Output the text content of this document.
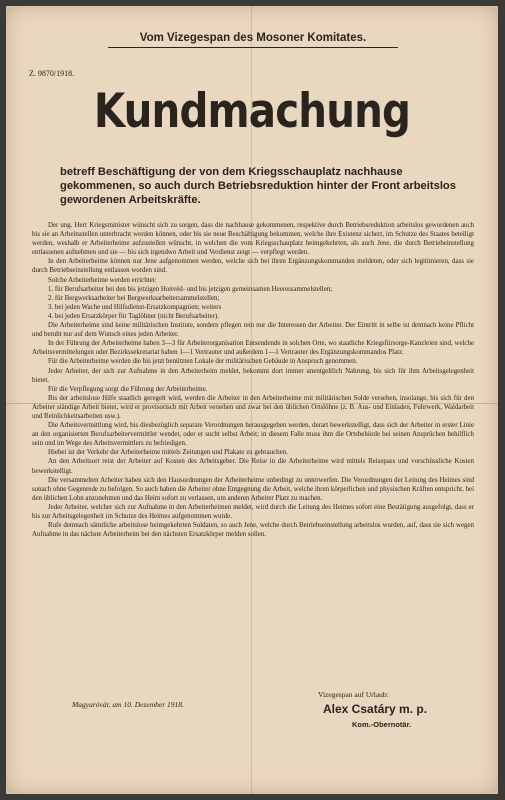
Vom Vizegespan des Mosoner Komitates.
Z. 9870/1918.
Kundmachung
betreff Beschäftigung der von dem Kriegsschauplatz nachhause gekommenen, so auch durch Betriebsreduktion hinter der Front arbeitslos gewordenen Arbeitskräfte.

Der ung. Herr Kriegsminister wünscht sich zu sorgen, dass die nachhause gekommenen, respektive durch Betriebsreduktion arbeitslos gewordenen auch bis sie an Arbeitsstellen unterbracht werden können, oder bis sie neue Beschäftigung bekommen, welche ihre Existenz sichert, im Schutze des Staates beteiligt werden, weshalb er Arbeiterheime aufzustellen wünscht, in welchen die vom Kriegsschauplatz heimgekehrten, als auch Jene, die durch Betriebeinstellung entlassenen aufnehmen und sie — bis sich irgendwo Arbeit und Verdienst zeigt — verpflegt werden.

In den Arbeiterheime können nur Jene aufgenommen werden, welche sich bei ihren Ergänzungskommanden meldeten, oder sich legitimieren, dass sie durch Betriebseinstellung entlassen worden sind.

Solche Arbeiterheime werden errichtet:

1. für Berufsarbeiter bei den bis jetzigen Honvéd- und bis jetzigen gemeinsamen Heeressammelstellen;

2. für Bergwerksarbeiter bei Bergwerksarbeitersammelstellen;

3. bei jeden Wache und Hilfsdienst-Ersatzkompagnien; weiters

4. bei jeden Ersatzkörper für Taglöhner (nicht Berufsarbeiter).

Die Arbeiterheime sind keine militärischen Institute, sondern pflegen rein nur die Interessen der Arbeiter. Der Eintritt in selbe ist demnach keine Pflicht und beruht nur auf dem Wunsch eines jeden Arbeiter.

In der Führung der Arbeiterheime haben 3—3 für Arbeiterorganisation Entsendende in solchen Orte, wo staatliche Kriegsfürsorge-Kanzleien sind, welche Arbeitsvermittelungen oder Bezirkssekretariat haben 1—1 Vertrauter und außerdem 1—1 Vertrauter des Ergänzungskommandos Platz.

Für die Arbeiterheime werden die bis jetzt benützten Lokale der militärischen Gebäude in Anspruch genommen.

Jeder Arbeiter, der sich zur Aufnahme in den Arbeiterheim meldet, bekommt dort immer unentgeltlich Nahrung, bis sich für ihm Arbeitsgelegenheit bietet.

Für die Verpflegung sorgt die Führung der Arbeiterheime.

Bis der arbeitslose Hilfe staatlich geregelt wird, werden die Arbeiter in den Arbeiterheime mit militärischen Solde versehen, insolange, bis sich für den Arbeiter ständige Arbeit bietet, wird er provisorisch mit Arbeit versehen und zwar bei den üblichen Ortslöhne (z. B. Aus- und Einladen, Fuhrwerk, Waldarbeit und Reinlichkeitsarbeiten usw.).

Die Arbeitsvermittlung wird, bis diesbezüglich separate Verordnungen herausgegeben werden, derart bewerkstelligt, dass sich der Arbeiter in erster Linie an den organisierten Berufsarbeitervermittler wendet, oder er sucht selbst Arbeit; in diesem Falle muss ihm die Ortsbehörde bei seinen Ansprüchen behilflich sein und im Wege des Arbeitsvermittlers zu befriedigen.

Hiebei ist der Verkehr der Arbeiterheime mittels Zeitungen und Plakate zu gebrauchen.

An den Arbeitsort reist der Arbeiter auf Kosten des Arbeitsgeber. Die Reise in die Arbeiterheime wird mittels Reisepass und vorschüssliche Kosten bewerkstelligt.

Die versammelten Arbeiter haben sich den Hausordnungen der Arbeiterheime unbedingt zu unterwerfen. Die Verordnungen der Leitung des Heimes sind sonach ohne Gegenrede zu befolgen. So auch haben die Arbeiter ohne Entgegnung die Arbeit, welche ihren körperlichen und physischen Kräften entspricht, bei den üblichen Lohn anzunehmen und das Heim sofort zu verlassen, um anderen Arbeiter Platz zu machen.

Jeder Arbeiter, welcher sich zur Aufnahme in den Arbeiterheimen meldet, wird durch die Leitung des Heimes sofort eine Bestätigung ausgefolgt, dass er bis zur Arbeitsgelegenheit im Schutze des Heimes aufgenommen wurde.

Rufe demnach sämtliche arbeitslose heimgekehrten Soldaten, so auch Jene, welche durch Betriebseinstellung arbeitslos wurden, auf, dass sie sich wegen Aufnahme in das nächste Arbeiterheim bei den nächsten Ersatzkörper melden sollen.

Vizegespan auf Urlaub:
Magyaróvár, am 10. Dezember 1918.	Alex Csatáry m. p.
Kom.-Obernotär.
